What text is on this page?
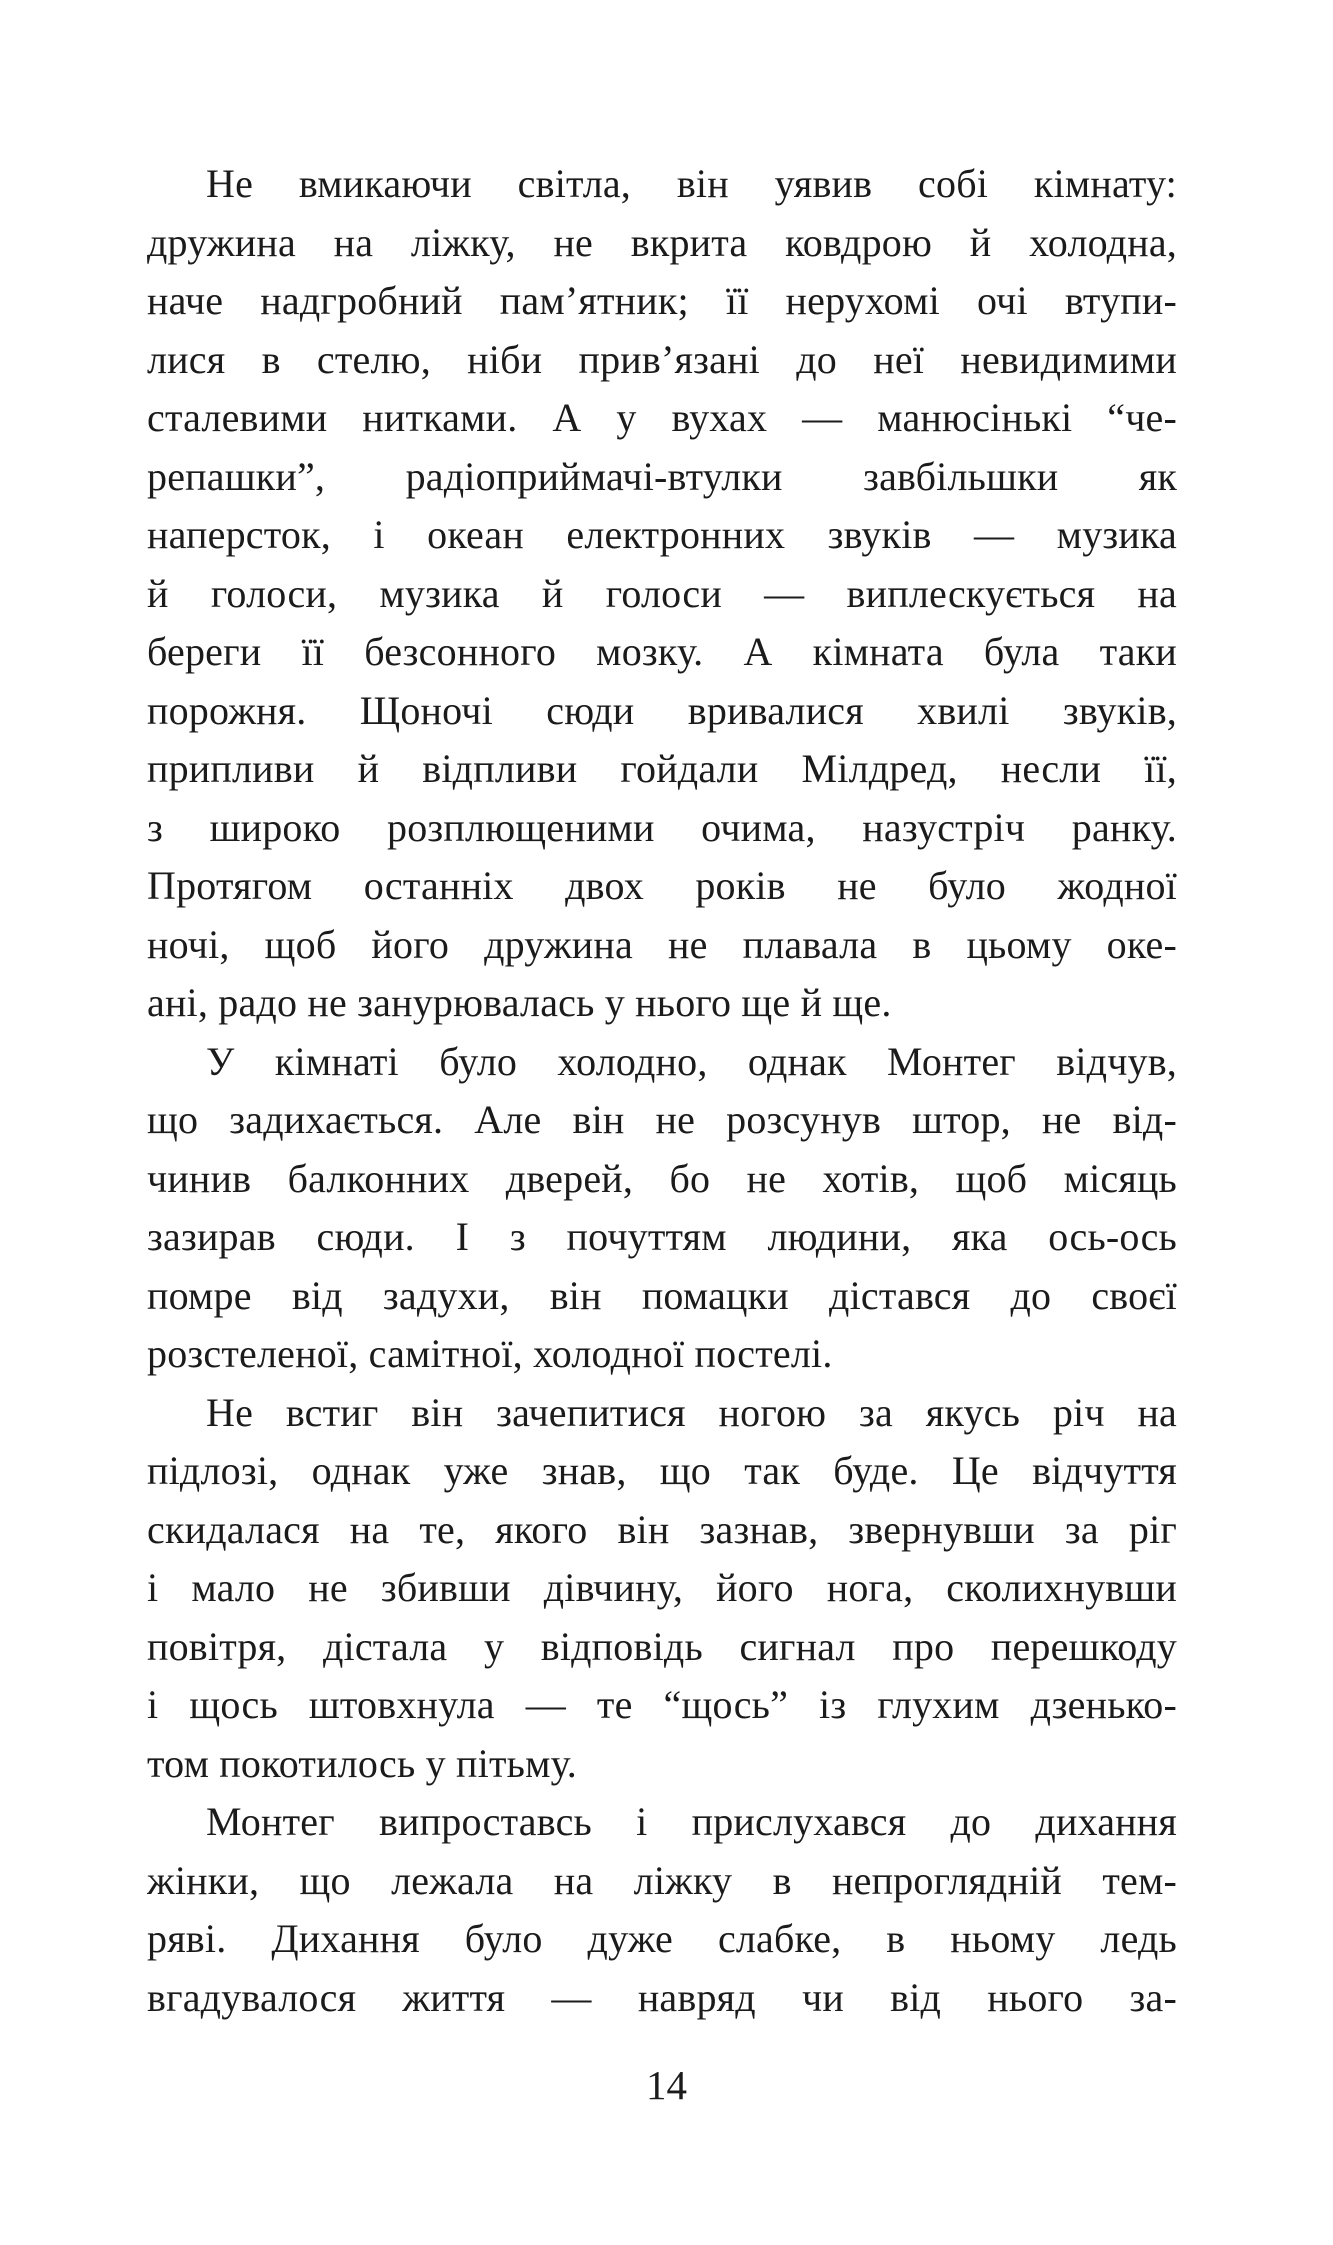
Не вмикаючи світла, він уявив собі кімнату:
дружина на ліжку, не вкрита ковдрою й холодна,
наче надгробний пам’ятник; її нерухомі очі втупи-
лися в стелю, ніби прив’язані до неї невидимими
сталевими нитками. А у вухах — манюсінькі “че-
репашки”, радіоприймачі-втулки завбільшки як
наперсток, і океан електронних звуків — музика
й голоси, музика й голоси — виплескується на
береги її безсонного мозку. А кімната була таки
порожня. Щоночі сюди вривалися хвилі звуків,
припливи й відпливи гойдали Мілдред, несли її,
з широко розплющеними очима, назустріч ранку.
Протягом останніх двох років не було жодної
ночі, щоб його дружина не плавала в цьому оке-
ані, радо не занурювалась у нього ще й ще.
У кімнаті було холодно, однак Монтег відчув,
що задихається. Але він не розсунув штор, не від-
чинив балконних дверей, бо не хотів, щоб місяць
зазирав сюди. І з почуттям людини, яка ось-ось
помре від задухи, він помацки дістався до своєї
розстеленої, самітної, холодної постелі.
Не встиг він зачепитися ногою за якусь річ на
підлозі, однак уже знав, що так буде. Це відчуття
скидалася на те, якого він зазнав, звернувши за ріг
і мало не збивши дівчину, його нога, сколихнувши
повітря, дістала у відповідь сигнал про перешкоду
і щось штовхнула — те “щось” із глухим дзенько-
том покотилось у пітьму.
Монтег випроставсь і прислухався до дихання
жінки, що лежала на ліжку в непроглядній тем-
ряві. Дихання було дуже слабке, в ньому ледь
вгадувалося життя — навряд чи від нього за-
14
